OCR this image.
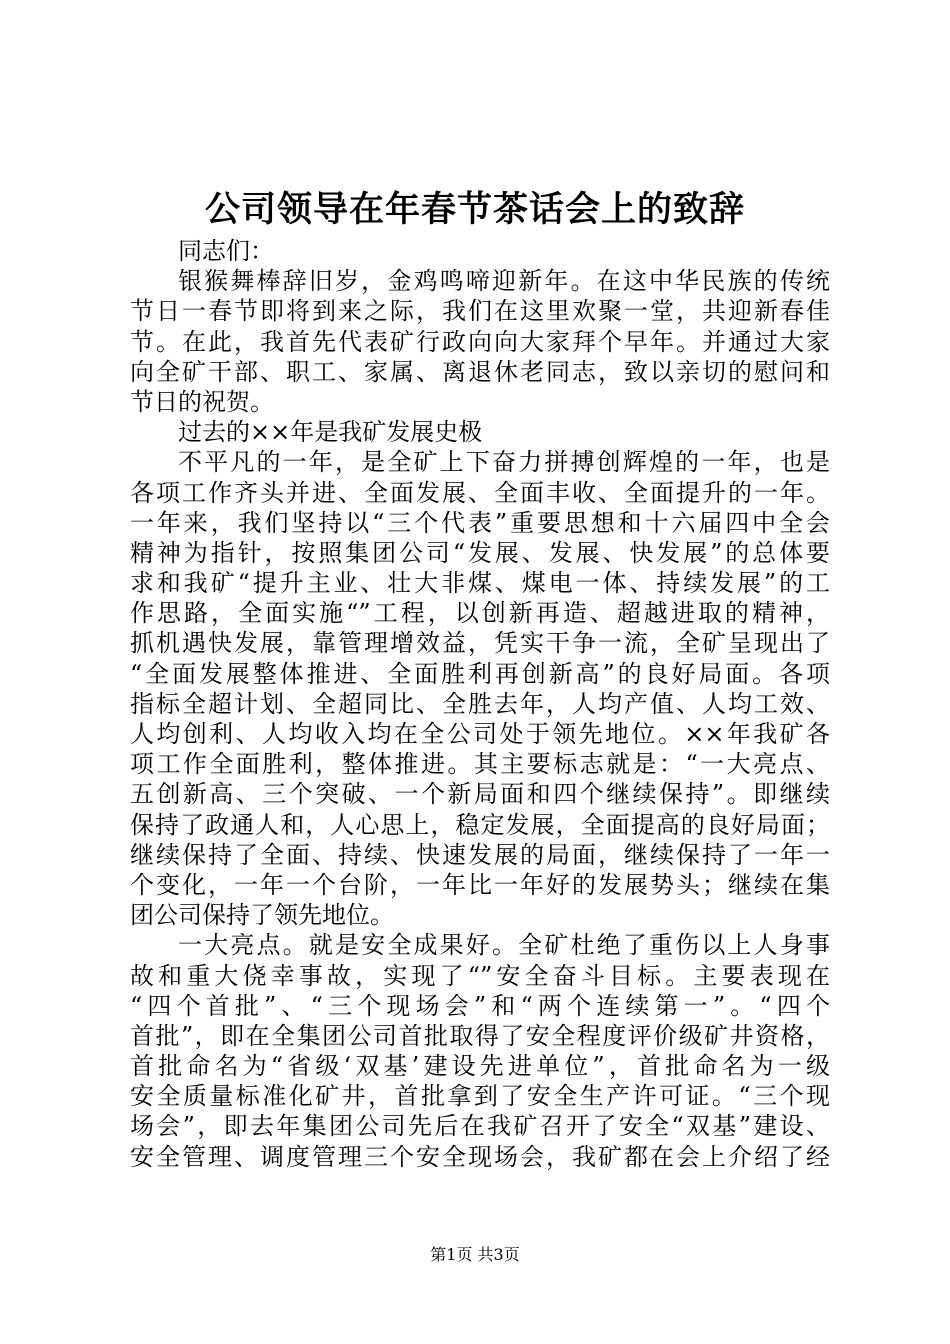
公司领导在年春节茶话会上的致辞
同志们：
银猴舞棒辞旧岁，金鸡鸣啼迎新年。在这中华民族的传统
节日一春节即将到来之际，我们在这里欢聚一堂，共迎新春佳
节。在此，我首先代表矿行政向向大家拜个早年。并通过大家
向全矿干部、职工、家属、离退休老同志，致以亲切的慰问和
节日的祝贺。
过去的××年是我矿发展史极
不平凡的一年，是全矿上下奋力拼搏创辉煌的一年，也是
各项工作齐头并进、全面发展、全面丰收、全面提升的一年。
一年来，我们坚持以“三个代表”重要思想和十六届四中全会
精神为指针，按照集团公司“发展、发展、快发展”的总体要
求和我矿“提升主业、壮大非煤、煤电一体、持续发展”的工
作思路，全面实施“”工程，以创新再造、超越进取的精神，
抓机遇快发展，靠管理增效益，凭实干争一流，全矿呈现出了
“全面发展整体推进、全面胜利再创新高”的良好局面。各项
指标全超计划、全超同比、全胜去年，人均产值、人均工效、
人均创利、人均收入均在全公司处于领先地位。××年我矿各
项工作全面胜利，整体推进。其主要标志就是：“一大亮点、
五创新高、三个突破、一个新局面和四个继续保持”。即继续
保持了政通人和，人心思上，稳定发展，全面提高的良好局面；
继续保持了全面、持续、快速发展的局面，继续保持了一年一
个变化，一年一个台阶，一年比一年好的发展势头；继续在集
团公司保持了领先地位。
一大亮点。就是安全成果好。全矿杜绝了重伤以上人身事
故和重大侥幸事故，实现了“”安全奋斗目标。主要表现在
“四个首批”、“三个现场会”和“两个连续第一”。“四个
首批”，即在全集团公司首批取得了安全程度评价级矿井资格，
首批命名为“省级‘双基’建设先进单位”，首批命名为一级
安全质量标准化矿井，首批拿到了安全生产许可证。“三个现
场会”，即去年集团公司先后在我矿召开了安全“双基”建设、
安全管理、调度管理三个安全现场会，我矿都在会上介绍了经
第1页 共3页
